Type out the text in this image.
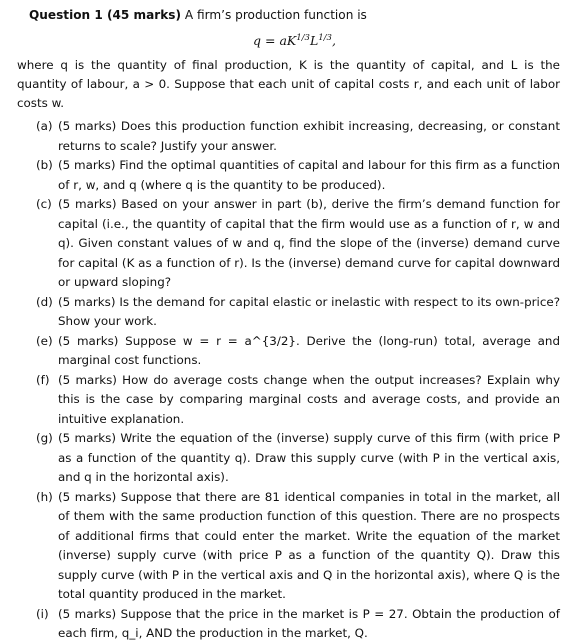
Question 1 (45 marks) A firm’s production function is

$q = aK^{1/3}L^{1/3}$,

where q is the quantity of final production, K is the quantity of capital, and L is the quantity of labour, a > 0. Suppose that each unit of capital costs r, and each unit of labor costs w.

(a) (5 marks) Does this production function exhibit increasing, decreasing, or constant returns to scale? Justify your answer.
(b) (5 marks) Find the optimal quantities of capital and labour for this firm as a function of r, w, and q (where q is the quantity to be produced).
(c) (5 marks) Based on your answer in part (b), derive the firm’s demand function for capital (i.e., the quantity of capital that the firm would use as a function of r, w and q). Given constant values of w and q, find the slope of the (inverse) demand curve for capital (K as a function of r). Is the (inverse) demand curve for capital downward or upward sloping?
(d) (5 marks) Is the demand for capital elastic or inelastic with respect to its own-price? Show your work.
(e) (5 marks) Suppose w = r = a^{3/2}. Derive the (long-run) total, average and marginal cost functions.
(f) (5 marks) How do average costs change when the output increases? Explain why this is the case by comparing marginal costs and average costs, and provide an intuitive explanation.
(g) (5 marks) Write the equation of the (inverse) supply curve of this firm (with price P as a function of the quantity q). Draw this supply curve (with P in the vertical axis, and q in the horizontal axis).
(h) (5 marks) Suppose that there are 81 identical companies in total in the market, all of them with the same production function of this question. There are no prospects of additional firms that could enter the market. Write the equation of the market (inverse) supply curve (with price P as a function of the quantity Q). Draw this supply curve (with P in the vertical axis and Q in the horizontal axis), where Q is the total quantity produced in the market.
(i) (5 marks) Suppose that the price in the market is P = 27. Obtain the production of each firm, q_i, AND the production in the market, Q.
